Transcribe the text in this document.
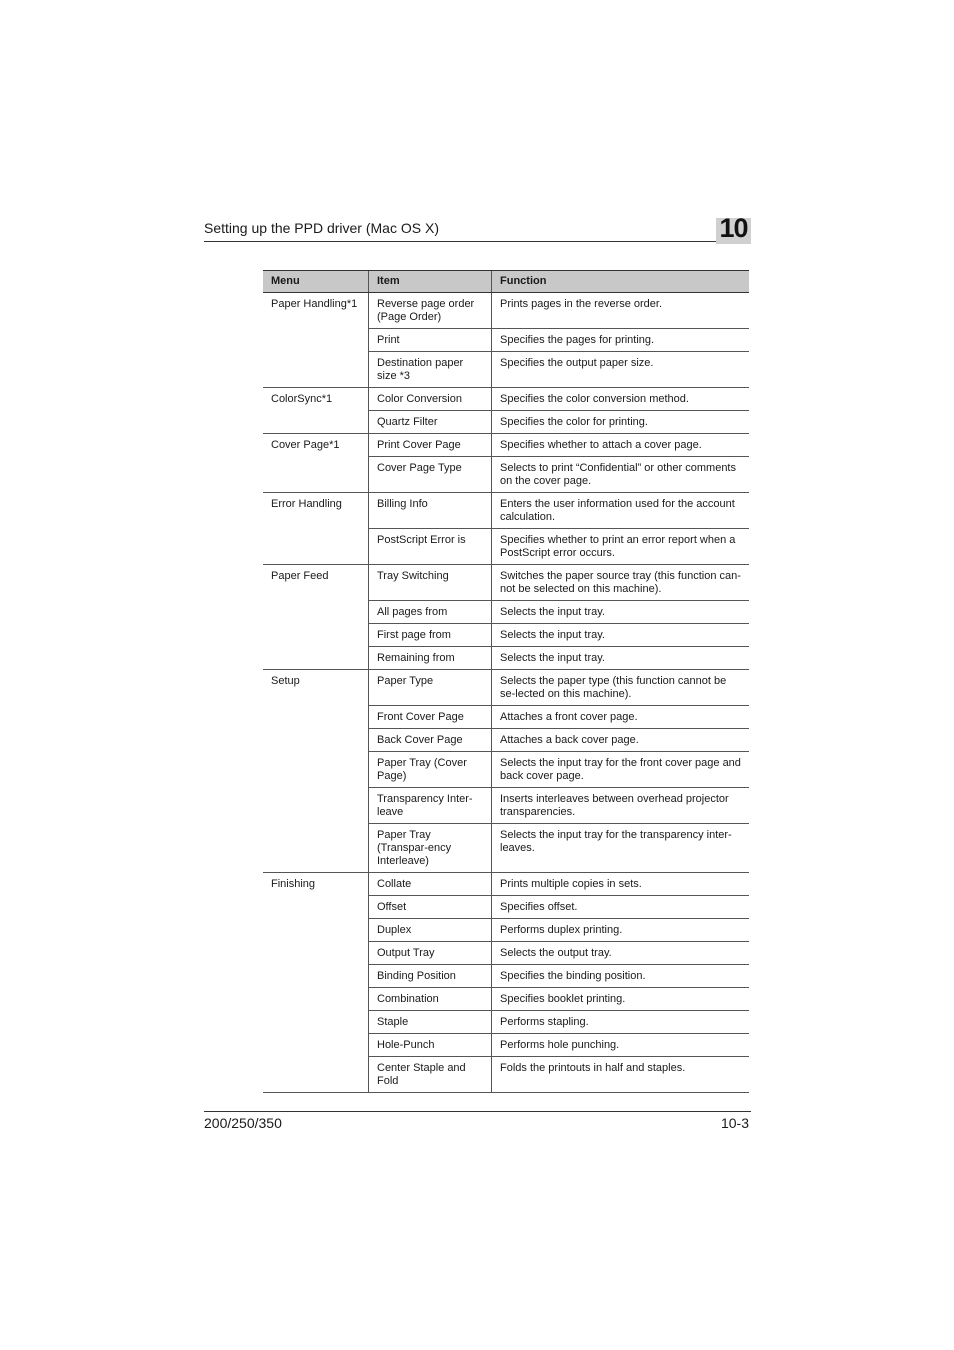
Setting up the PPD driver (Mac OS X)	10
Menu	Item	Function
Paper Handling*1	Reverse page order (Page Order)	Prints pages in the reverse order.
	Print	Specifies the pages for printing.
	Destination paper size *3	Specifies the output paper size.
ColorSync*1	Color Conversion	Specifies the color conversion method.
	Quartz Filter	Specifies the color for printing.
Cover Page*1	Print Cover Page	Specifies whether to attach a cover page.
	Cover Page Type	Selects to print “Confidential” or other comments on the cover page.
Error Handling	Billing Info	Enters the user information used for the account calculation.
	PostScript Error is	Specifies whether to print an error report when a PostScript error occurs.
Paper Feed	Tray Switching	Switches the paper source tray (this function can-not be selected on this machine).
	All pages from	Selects the input tray.
	First page from	Selects the input tray.
	Remaining from	Selects the input tray.
Setup	Paper Type	Selects the paper type (this function cannot be se-lected on this machine).
	Front Cover Page	Attaches a front cover page.
	Back Cover Page	Attaches a back cover page.
	Paper Tray (Cover Page)	Selects the input tray for the front cover page and back cover page.
	Transparency Inter-leave	Inserts interleaves between overhead projector transparencies.
	Paper Tray (Transpar-ency Interleave)	Selects the input tray for the transparency inter-leaves.
Finishing	Collate	Prints multiple copies in sets.
	Offset	Specifies offset.
	Duplex	Performs duplex printing.
	Output Tray	Selects the output tray.
	Binding Position	Specifies the binding position.
	Combination	Specifies booklet printing.
	Staple	Performs stapling.
	Hole-Punch	Performs hole punching.
	Center Staple and Fold	Folds the printouts in half and staples.
200/250/350	10-3
